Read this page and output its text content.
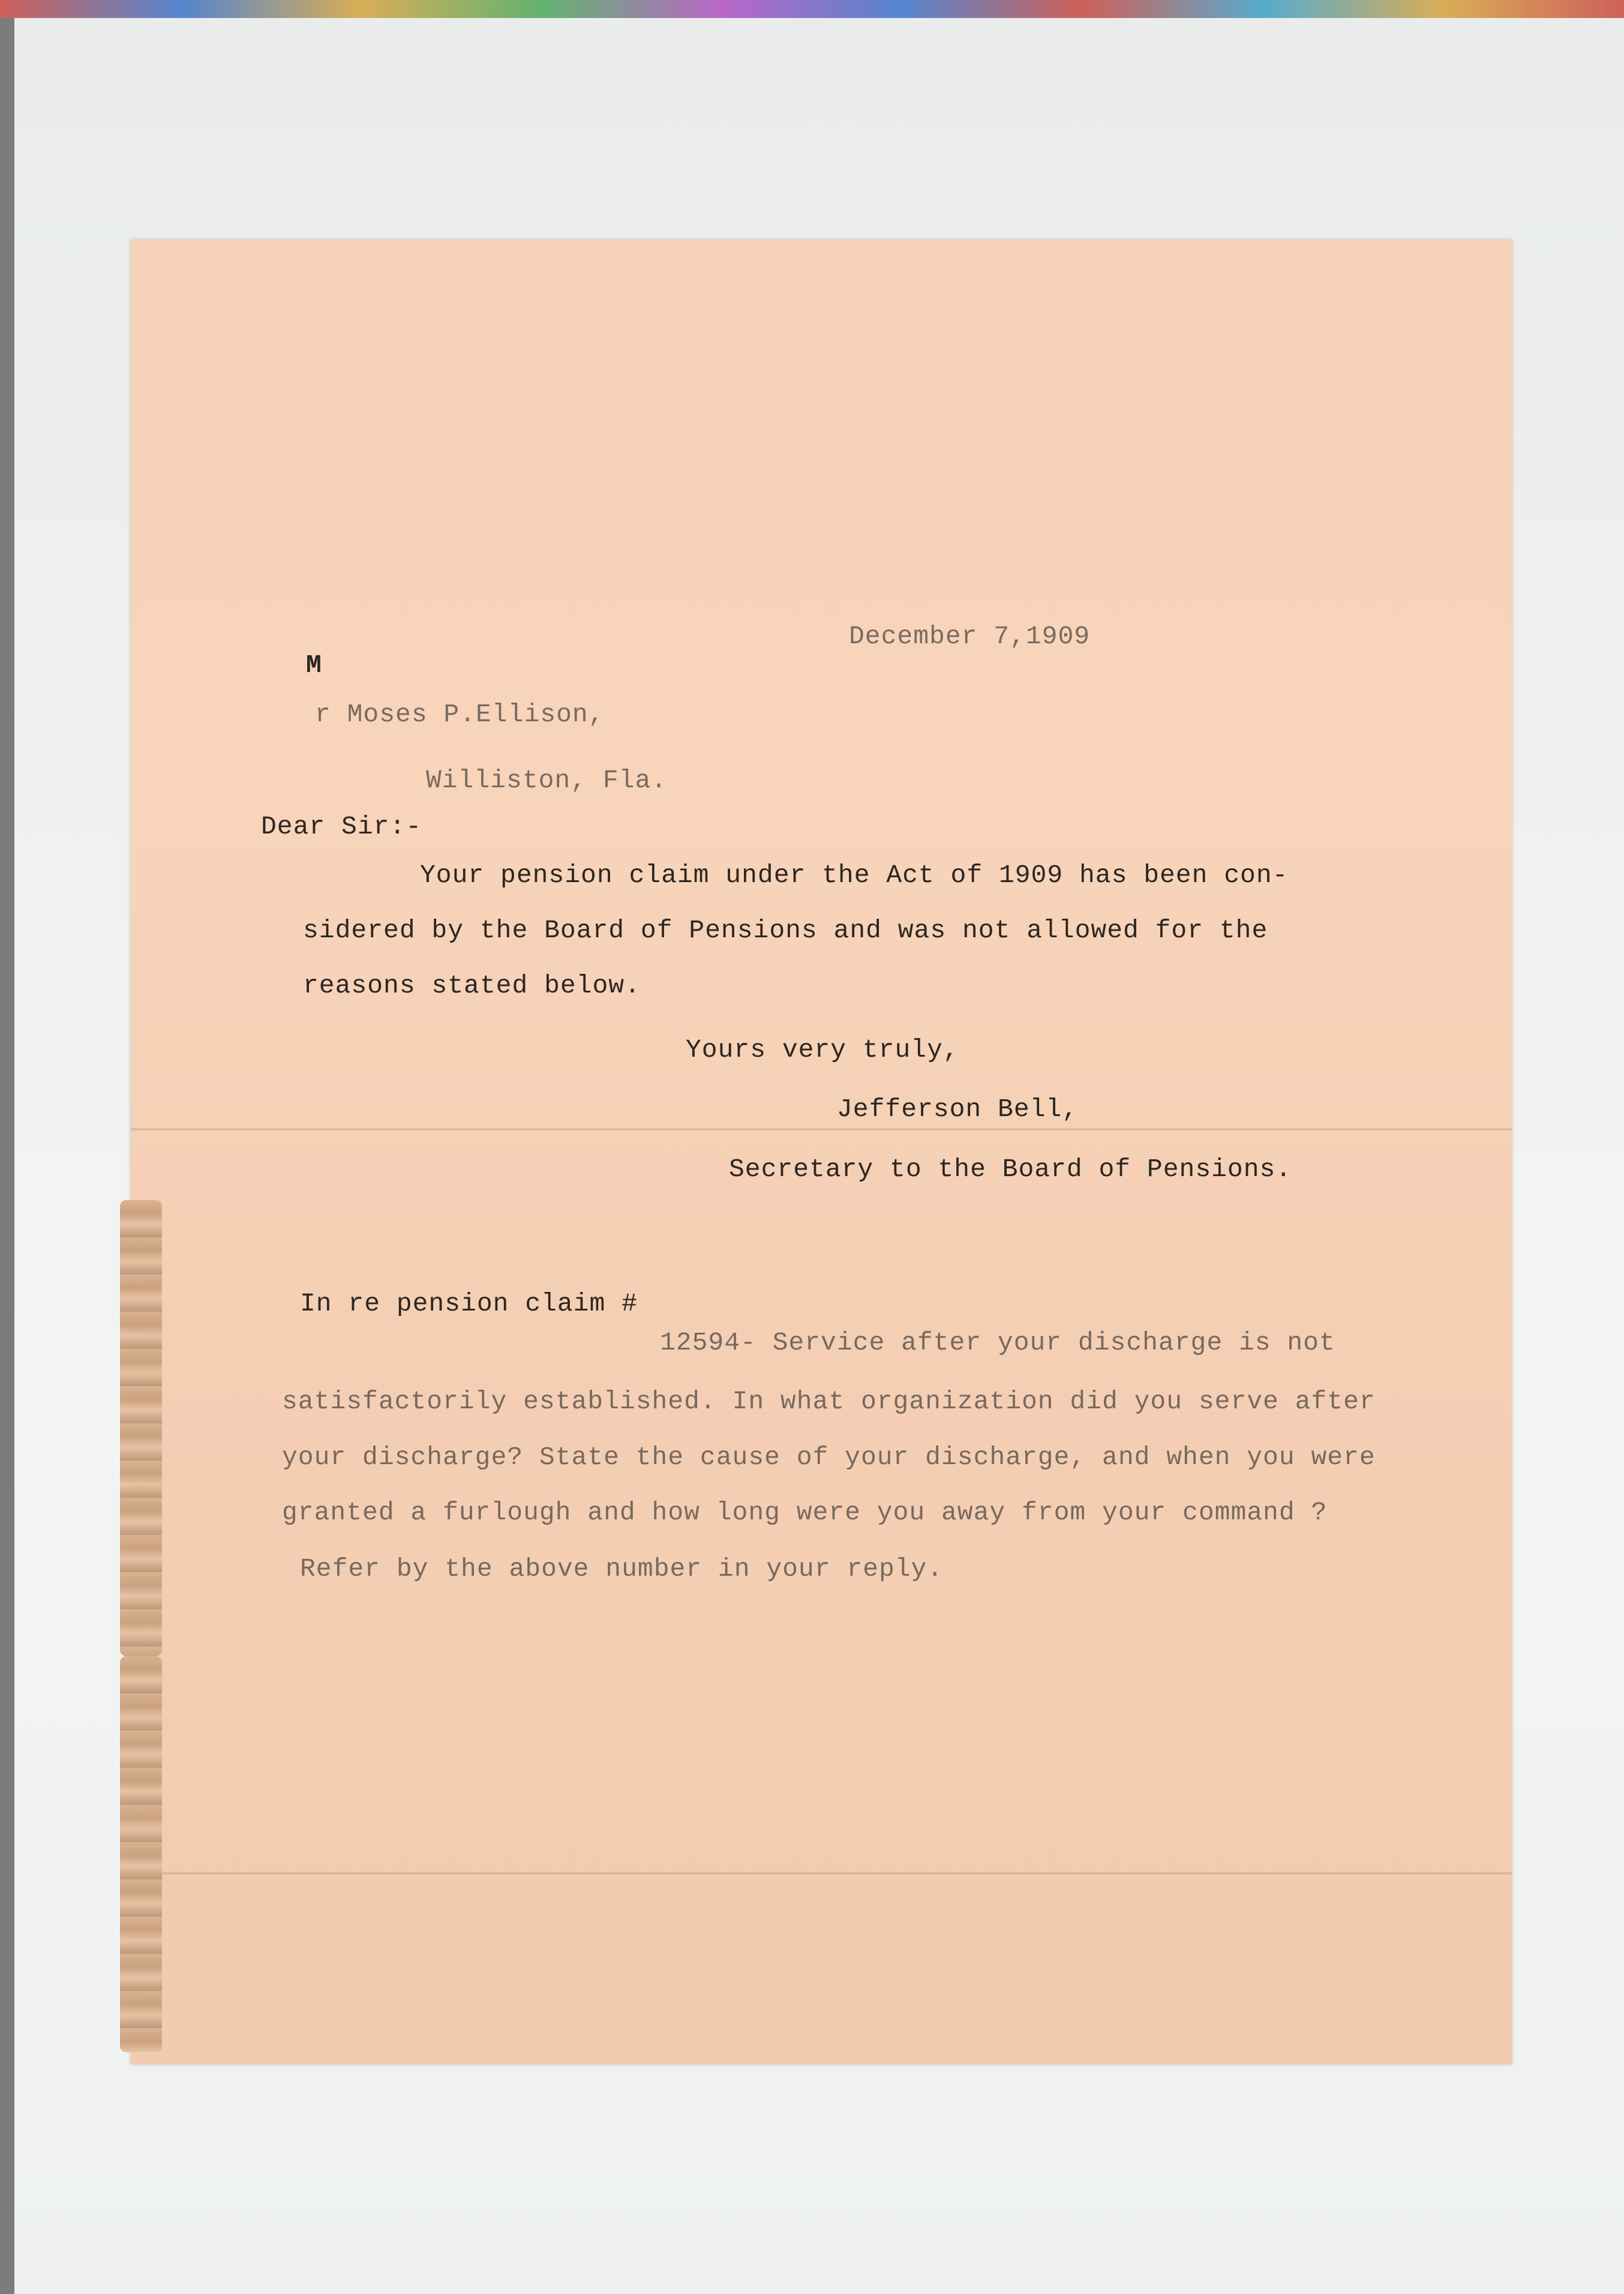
December 7,1909

M

r Moses P.Ellison,

Williston, Fla.

Dear Sir:-

Your pension claim under the Act of 1909 has been con-

sidered by the Board of Pensions and was not allowed for the

reasons stated below.

Yours very truly,

Jefferson Bell,

Secretary to the Board of Pensions.

In re pension claim #

12594- Service after your discharge is not

satisfactorily established. In what organization did you serve after

your discharge? State the cause of your discharge, and when you were

granted a furlough and how long were you away from your command ?

Refer by the above number in your reply.
